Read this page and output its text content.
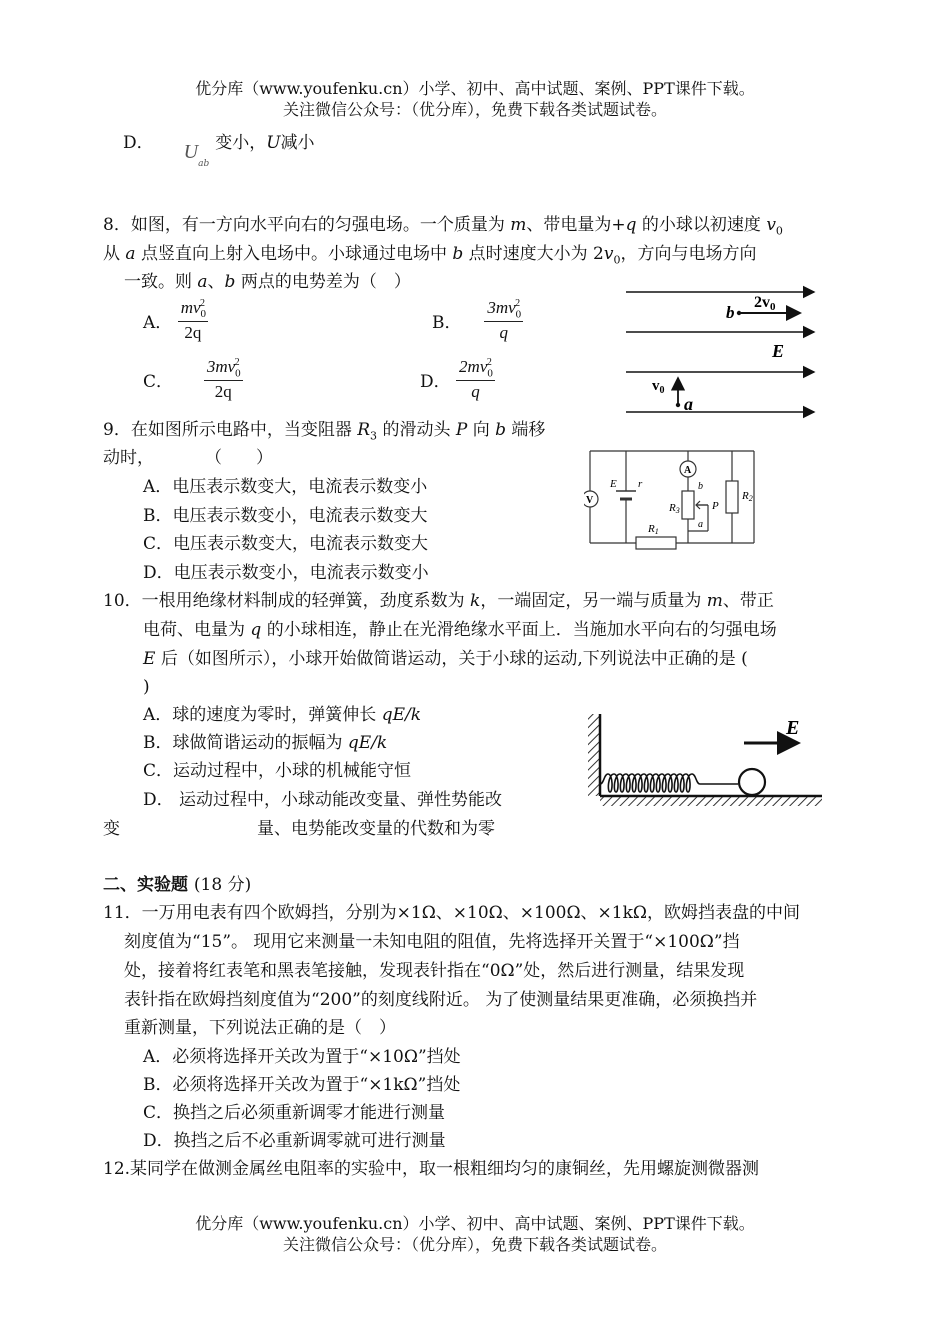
优分库（www.youfenku.cn）小学、初中、高中试题、案例、PPT课件下载。
关注微信公众号：（优分库），免费下载各类试题试卷。
D． $U_{ab}$变小，U减小
8．如图，有一方向水平向右的匀强电场。一个质量为 m、带电量为+q 的小球以初速度 $v_0$
从 a 点竖直向上射入电场中。小球通过电场中 b 点时速度大小为 $2v_0$，方向与电场方向
一致。则 a、b 两点的电势差为（　）
A． $\frac{mv_0^2}{2q}$	B． $\frac{3mv_0^2}{q}$
C． $\frac{3mv_0^2}{2q}$	D． $\frac{2mv_0^2}{q}$
b
2v0
E
$v_0$
a
9．在如图所示电路中，当变阻器 $R_3$ 的滑动头 P 向 b 端移
动时，　　　　（　　）
A．电压表示数变大，电流表示数变小
B．电压表示数变小，电流表示数变大
C．电压表示数变大，电流表示数变大
D．电压表示数变小，电流表示数变小
V
E r
A
R3
b
a
P
R2
R1
10．一根用绝缘材料制成的轻弹簧，劲度系数为 k，一端固定，另一端与质量为 m、带正
电荷、电量为 q 的小球相连，静止在光滑绝缘水平面上．当施加水平向右的匀强电场
E 后（如图所示），小球开始做简谐运动，关于小球的运动,下列说法中正确的是 (
)
A．球的速度为零时，弹簧伸长 qE/k
B．球做简谐运动的振幅为 qE/k
C．运动过程中，小球的机械能守恒
D． 运动过程中，小球动能改变量、弹性势能改
变	量、电势能改变量的代数和为零
E
二、实验题 (18 分)
11．一万用电表有四个欧姆挡，分别为×1Ω、×10Ω、×100Ω、×1kΩ，欧姆挡表盘的中间
刻度值为“15”。 现用它来测量一未知电阻的阻值，先将选择开关置于“×100Ω”挡
处，接着将红表笔和黑表笔接触，发现表针指在“0Ω”处，然后进行测量，结果发现
表针指在欧姆挡刻度值为“200”的刻度线附近。 为了使测量结果更准确，必须换挡并
重新测量，下列说法正确的是（　）
A．必须将选择开关改为置于“×10Ω”挡处
B．必须将选择开关改为置于“×1kΩ”挡处
C．换挡之后必须重新调零才能进行测量
D．换挡之后不必重新调零就可进行测量
12.某同学在做测金属丝电阻率的实验中，取一根粗细均匀的康铜丝，先用螺旋测微器测
优分库（www.youfenku.cn）小学、初中、高中试题、案例、PPT课件下载。
关注微信公众号：（优分库），免费下载各类试题试卷。
